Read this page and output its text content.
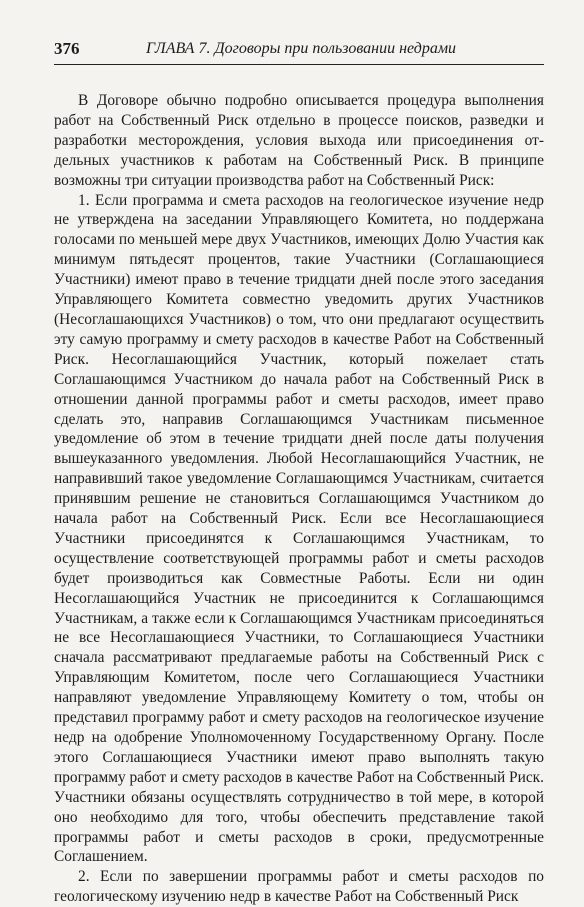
376	ГЛАВА 7. Договоры при пользовании недрами

В Договоре обычно подробно описывается процедура выполнения работ на Собственный Риск отдельно в процессе поисков, разведки и разработки месторождения, условия выхода или присоединения отдельных участников к работам на Собственный Риск. В принципе возможны три ситуации производства работ на Собственный Риск:

1. Если программа и смета расходов на геологическое изучение недр не утверждена на заседании Управляющего Комитета, но поддержана голосами по меньшей мере двух Участников, имеющих Долю Участия как минимум пятьдесят процентов, такие Участники (Соглашающиеся Участники) имеют право в течение тридцати дней после этого заседания Управляющего Комитета совместно уведомить других Участников (Несоглашающихся Участников) о том, что они предлагают осуществить эту самую программу и смету расходов в качестве Работ на Собственный Риск. Несоглашающийся Участник, который пожелает стать Соглашающимся Участником до начала работ на Собственный Риск в отношении данной программы работ и сметы расходов, имеет право сделать это, направив Соглашающимся Участникам письменное уведомление об этом в течение тридцати дней после даты получения вышеуказанного уведомления. Любой Несоглашающийся Участник, не направивший такое уведомление Соглашающимся Участникам, считается принявшим решение не становиться Соглашающимся Участником до начала работ на Собственный Риск. Если все Несоглашающиеся Участники присоединятся к Соглашающимся Участникам, то осуществление соответствующей программы работ и сметы расходов будет производиться как Совместные Работы. Если ни один Несоглашающийся Участник не присоединится к Соглашающимся Участникам, а также если к Соглашающимся Участникам присоединяться не все Несоглашающиеся Участники, то Соглашающиеся Участники сначала рассматривают предлагаемые работы на Собственный Риск с Управляющим Комитетом, после чего Соглашающиеся Участники направляют уведомление Управляющему Комитету о том, чтобы он представил программу работ и смету расходов на геологическое изучение недр на одобрение Уполномоченному Государственному Органу. После этого Соглашающиеся Участники имеют право выполнять такую программу работ и смету расходов в качестве Работ на Собственный Риск. Участники обязаны осуществлять сотрудничество в той мере, в которой оно необходимо для того, чтобы обеспечить представление такой программы работ и сметы расходов в сроки, предусмотренные Соглашением.

2. Если по завершении программы работ и сметы расходов по геологическому изучению недр в качестве Работ на Собственный Риск
